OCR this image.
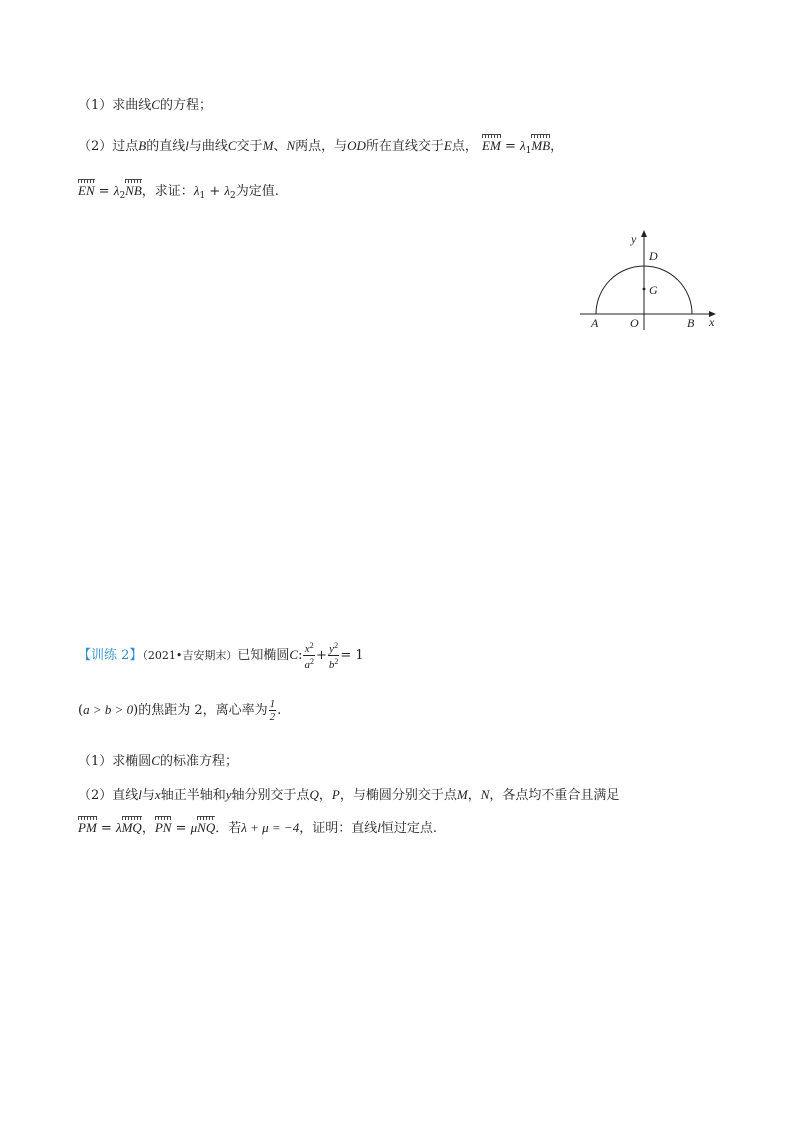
（1）求曲线C的方程；
（2）过点B的直线l与曲线C交于M、N两点，与OD所在直线交于E点， EM = $\lambda_1MB$，
EN = $\lambda_2NB$，求证：$\lambda_1 + \lambda_2$为定值.
y
D
G
A	O	B x
【训练 2】（2021•吉安期末）已知椭圆C: $\frac{x^2}{a^2} + \frac{y^2}{b^2} = 1$
(a > b > 0)的焦距为 2，离心率为 $\frac{1}{2}$ .
（1）求椭圆C的标准方程；
（2）直线l与x轴正半轴和y轴分别交于点Q，P，与椭圆分别交于点M，N，各点均不重合且满足
PM = λMQ，PN = μNQ．若λ + μ = −4，证明：直线l恒过定点.
